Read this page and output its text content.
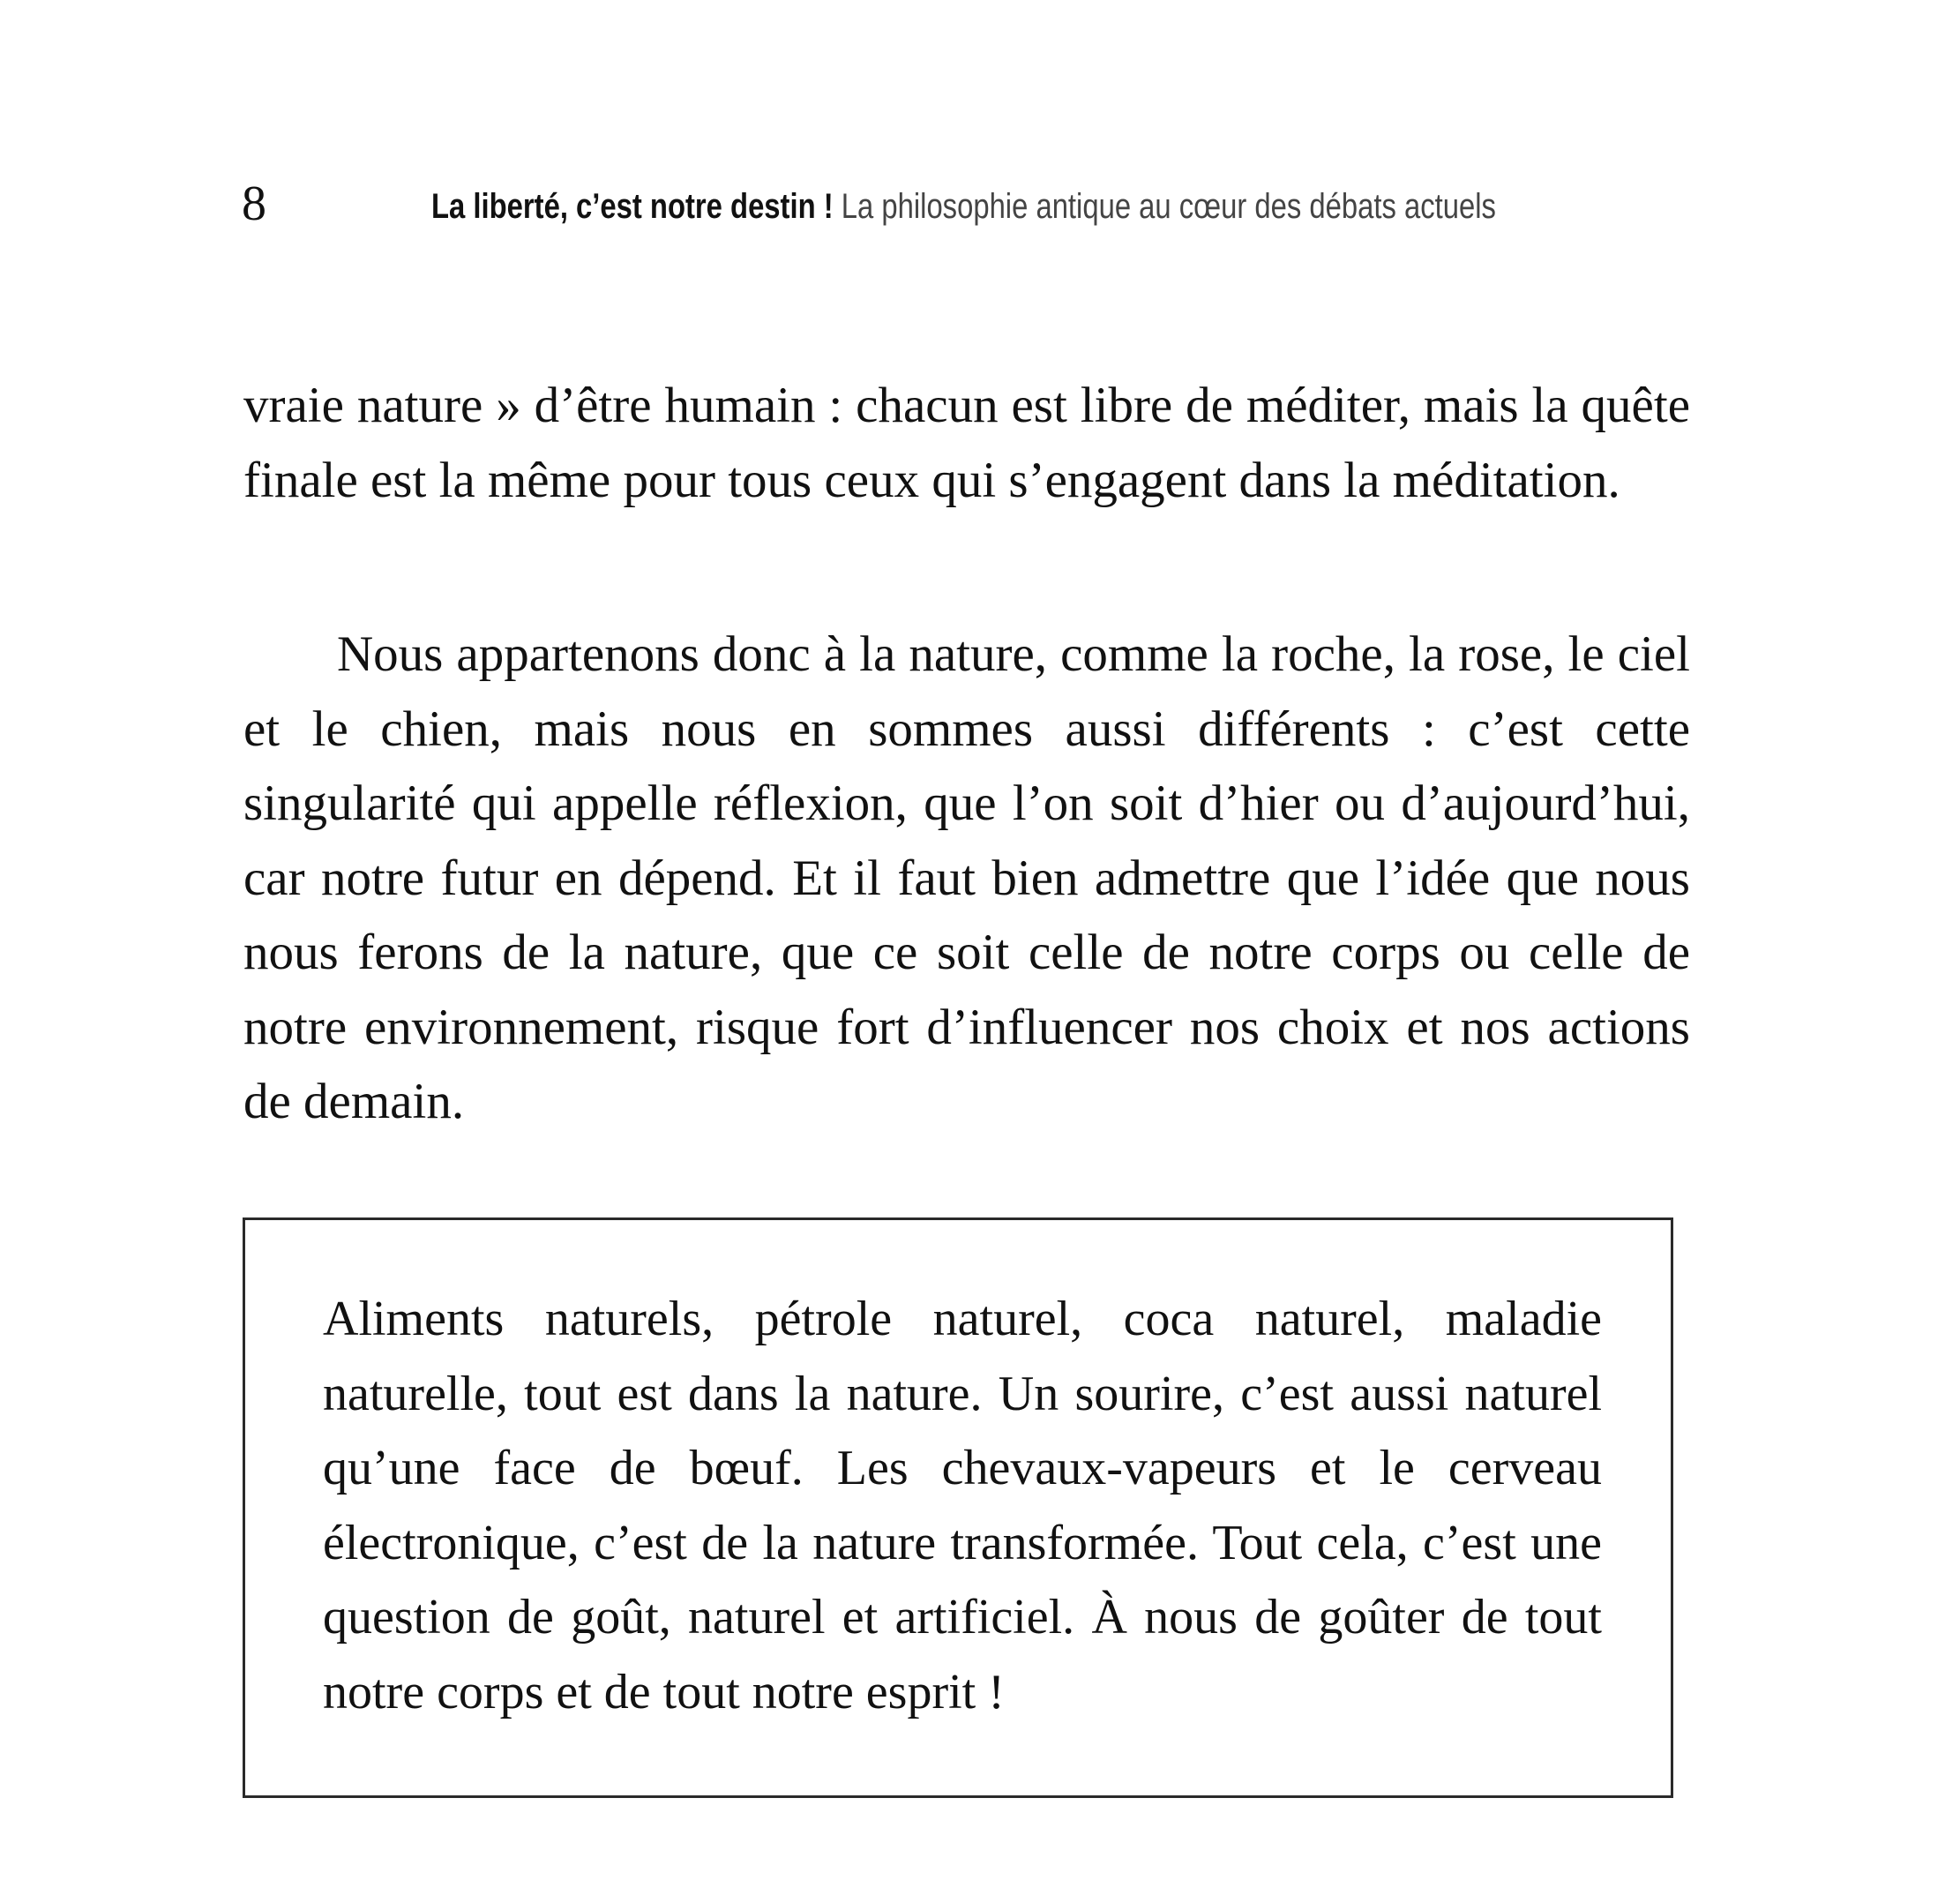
8	La liberté, c’est notre destin ! La philosophie antique au cœur des débats actuels

vraie nature » d’être humain : chacun est libre de méditer, mais la quête finale est la même pour tous ceux qui s’engagent dans la méditation.

Nous appartenons donc à la nature, comme la roche, la rose, le ciel et le chien, mais nous en sommes aussi différents : c’est cette singularité qui appelle réflexion, que l’on soit d’hier ou d’aujourd’hui, car notre futur en dépend. Et il faut bien admettre que l’idée que nous nous ferons de la nature, que ce soit celle de notre corps ou celle de notre environnement, risque fort d’influencer nos choix et nos actions de demain.

Aliments naturels, pétrole naturel, coca naturel, maladie naturelle, tout est dans la nature. Un sourire, c’est aussi naturel qu’une face de bœuf. Les chevaux-vapeurs et le cerveau électronique, c’est de la nature transformée. Tout cela, c’est une question de goût, naturel et artificiel. À nous de goûter de tout notre corps et de tout notre esprit !
